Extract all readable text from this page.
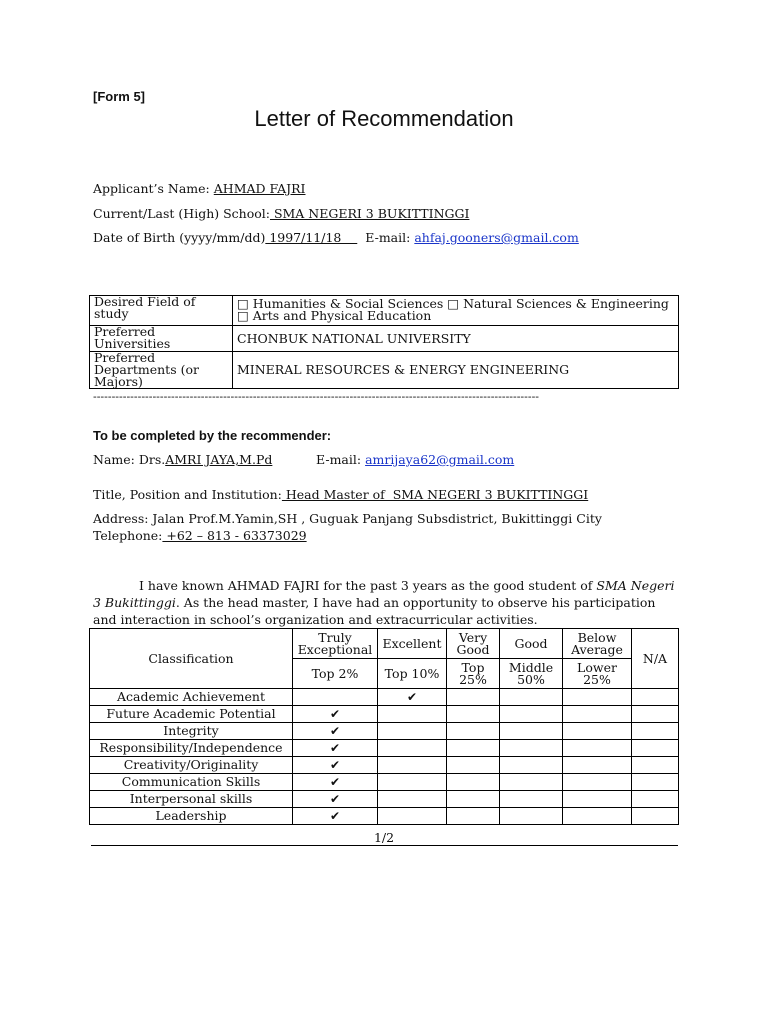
[Form 5]
Letter of Recommendation
Applicant’s Name: AHMAD FAJRI
Current/Last (High) School: SMA NEGERI 3 BUKITTINGGI
Date of Birth (yyyy/mm/dd) 1997/11/18     E-mail: ahfaj.gooners@gmail.com
Desired Field of study	□ Humanities & Social Sciences □ Natural Sciences & Engineering □ Arts and Physical Education
Preferred Universities	CHONBUK NATIONAL UNIVERSITY
Preferred Departments (or Majors)	MINERAL RESOURCES & ENERGY ENGINEERING
------------------------------------------------------------------------------------------------------------------------
To be completed by the recommender:
Name: Drs.AMRI JAYA,M.Pd	E-mail: amrijaya62@gmail.com
Title, Position and Institution: Head Master of  SMA NEGERI 3 BUKITTINGGI
Address: Jalan Prof.M.Yamin,SH , Guguak Panjang Subsdistrict, Bukittinggi City
Telephone: +62 – 813 - 63373029
I have known AHMAD FAJRI for the past 3 years as the good student of SMA Negeri 3 Bukittinggi. As the head master, I have had an opportunity to observe his participation and interaction in school’s organization and extracurricular activities.
Classification	Truly Exceptional	Excellent	Very Good	Good	Below Average	N/A
	Top 2%	Top 10%	Top 25%	Middle 50%	Lower 25%	
Academic Achievement		✔				
Future Academic Potential	✔					
Integrity	✔					
Responsibility/Independence	✔					
Creativity/Originality	✔					
Communication Skills	✔					
Interpersonal skills	✔					
Leadership	✔					
1/2
